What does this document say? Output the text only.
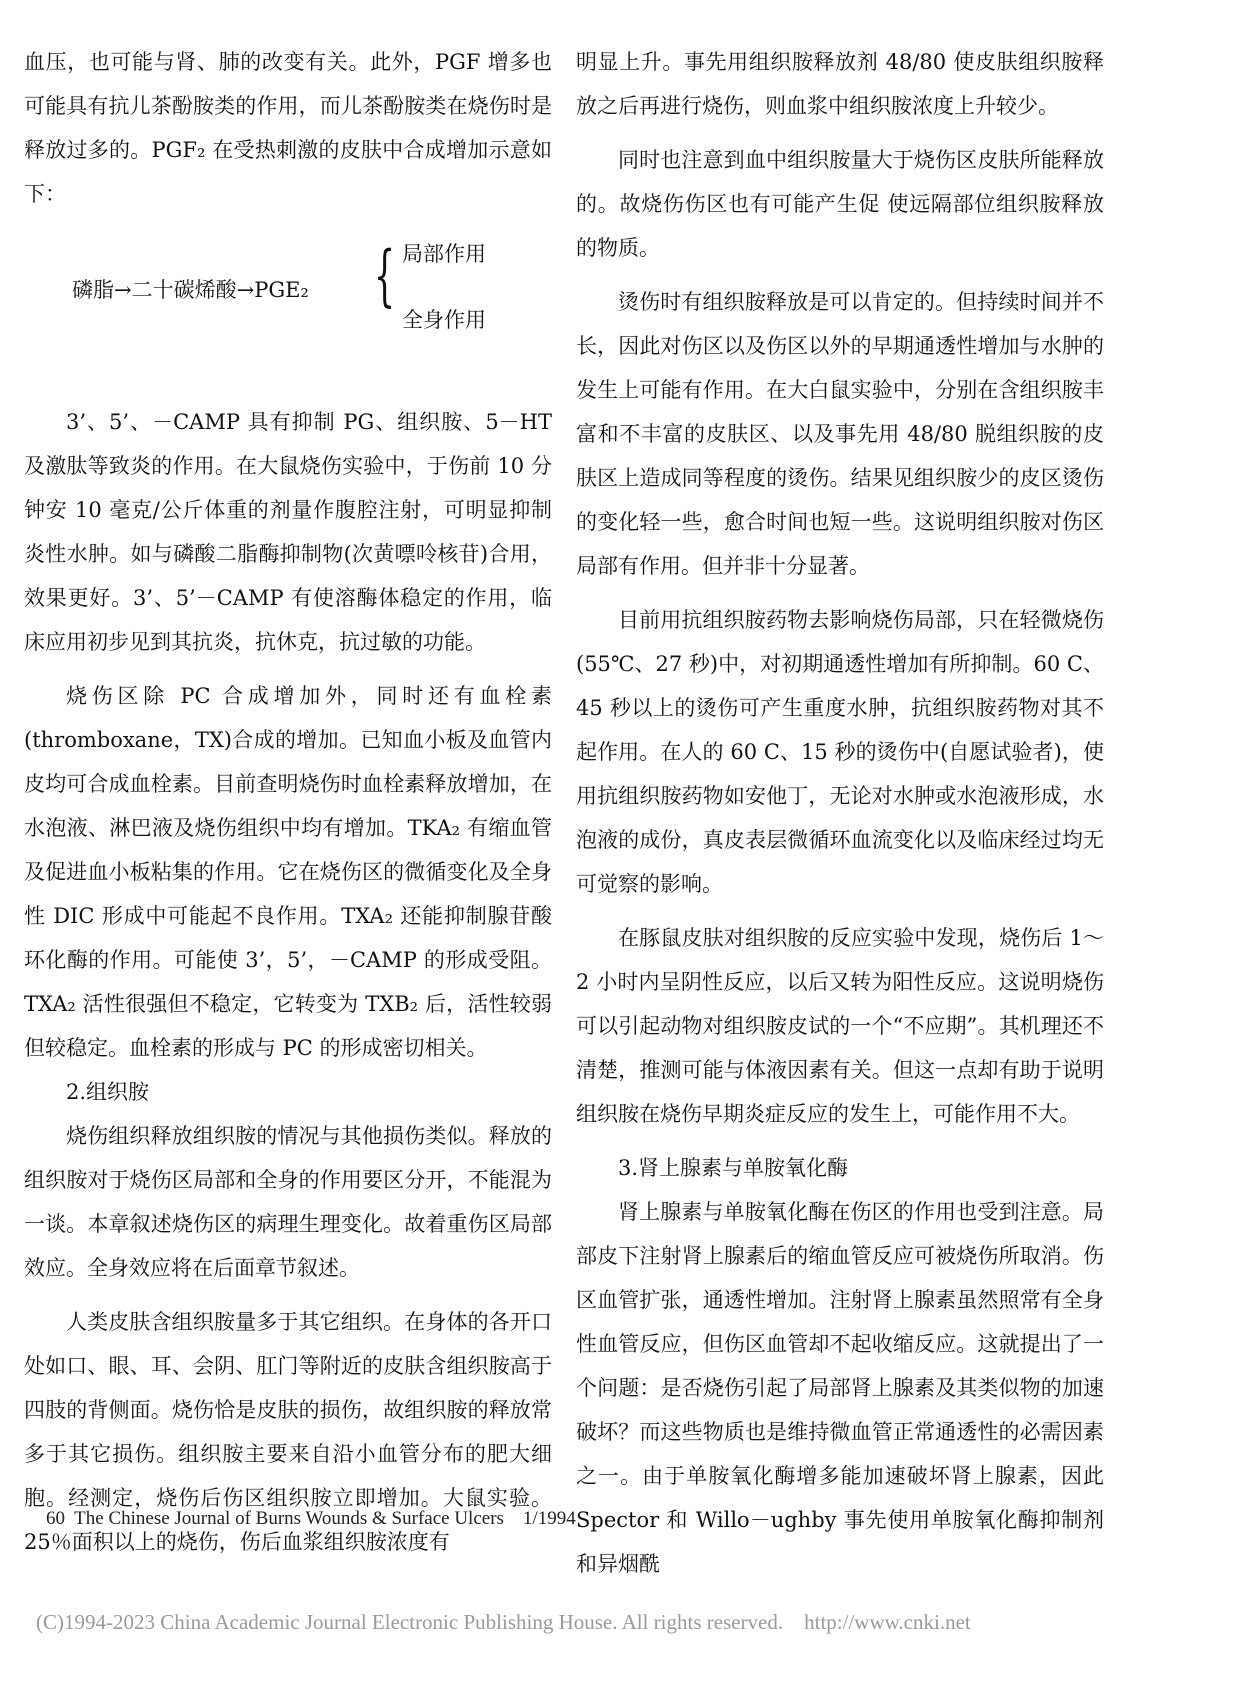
血压，也可能与肾、肺的改变有关。此外，PGF 增多也可能具有抗儿茶酚胺类的作用，而儿茶酚胺类在烧伤时是释放过多的。PGF₂ 在受热刺激的皮肤中合成增加示意如下：

磷脂→二十碳烯酸→PGE₂ { 局部作用
全身作用

3’、5’、－CAMP 具有抑制 PG、组织胺、5－HT 及激肽等致炎的作用。在大鼠烧伤实验中，于伤前 10 分钟安 10 毫克/公斤体重的剂量作腹腔注射，可明显抑制炎性水肿。如与磷酸二脂酶抑制物(次黄嘌呤核苷)合用，效果更好。3’、5’－CAMP 有使溶酶体稳定的作用，临床应用初步见到其抗炎，抗休克，抗过敏的功能。

烧伤区除 PC 合成增加外，同时还有血栓素(thromboxane，TX)合成的增加。已知血小板及血管内皮均可合成血栓素。目前查明烧伤时血栓素释放增加，在水泡液、淋巴液及烧伤组织中均有增加。TKA₂ 有缩血管及促进血小板粘集的作用。它在烧伤区的微循变化及全身性 DIC 形成中可能起不良作用。TXA₂ 还能抑制腺苷酸环化酶的作用。可能使 3’，5’，－CAMP 的形成受阻。TXA₂ 活性很强但不稳定，它转变为 TXB₂ 后，活性较弱但较稳定。血栓素的形成与 PC 的形成密切相关。

2.组织胺

烧伤组织释放组织胺的情况与其他损伤类似。释放的组织胺对于烧伤区局部和全身的作用要区分开，不能混为一谈。本章叙述烧伤区的病理生理变化。故着重伤区局部效应。全身效应将在后面章节叙述。

人类皮肤含组织胺量多于其它组织。在身体的各开口处如口、眼、耳、会阴、肛门等附近的皮肤含组织胺高于四肢的背侧面。烧伤恰是皮肤的损伤，故组织胺的释放常多于其它损伤。组织胺主要来自沿小血管分布的肥大细胞。经测定，烧伤后伤区组织胺立即增加。大鼠实验。25％面积以上的烧伤，伤后血浆组织胺浓度有

明显上升。事先用组织胺释放剂 48/80 使皮肤组织胺释放之后再进行烧伤，则血浆中组织胺浓度上升较少。

同时也注意到血中组织胺量大于烧伤区皮肤所能释放的。故烧伤伤区也有可能产生促 使远隔部位组织胺释放的物质。

烫伤时有组织胺释放是可以肯定的。但持续时间并不长，因此对伤区以及伤区以外的早期通透性增加与水肿的发生上可能有作用。在大白鼠实验中，分别在含组织胺丰富和不丰富的皮肤区、以及事先用 48/80 脱组织胺的皮肤区上造成同等程度的烫伤。结果见组织胺少的皮区烫伤的变化轻一些，愈合时间也短一些。这说明组织胺对伤区局部有作用。但并非十分显著。

目前用抗组织胺药物去影响烧伤局部，只在轻微烧伤(55℃、27 秒)中，对初期通透性增加有所抑制。60 C、45 秒以上的烫伤可产生重度水肿，抗组织胺药物对其不起作用。在人的 60 C、15 秒的烫伤中(自愿试验者)，使用抗组织胺药物如安他丁，无论对水肿或水泡液形成，水泡液的成份，真皮表层微循环血流变化以及临床经过均无可觉察的影响。

在豚鼠皮肤对组织胺的反应实验中发现，烧伤后 1～2 小时内呈阴性反应，以后又转为阳性反应。这说明烧伤可以引起动物对组织胺皮试的一个“不应期”。其机理还不清楚，推测可能与体液因素有关。但这一点却有助于说明组织胺在烧伤早期炎症反应的发生上，可能作用不大。

3.肾上腺素与单胺氧化酶

肾上腺素与单胺氧化酶在伤区的作用也受到注意。局部皮下注射肾上腺素后的缩血管反应可被烧伤所取消。伤区血管扩张，通透性增加。注射肾上腺素虽然照常有全身性血管反应，但伤区血管却不起收缩反应。这就提出了一个问题：是否烧伤引起了局部肾上腺素及其类似物的加速破坏？而这些物质也是维持微血管正常通透性的必需因素之一。由于单胺氧化酶增多能加速破坏肾上腺素，因此 Spector 和 Willo－ughby 事先使用单胺氧化酶抑制剂和异烟酰

60  The Chinese Journal of Burns Wounds & Surface Ulcers    1/1994
(C)1994-2023 China Academic Journal Electronic Publishing House. All rights reserved.    http://www.cnki.net
